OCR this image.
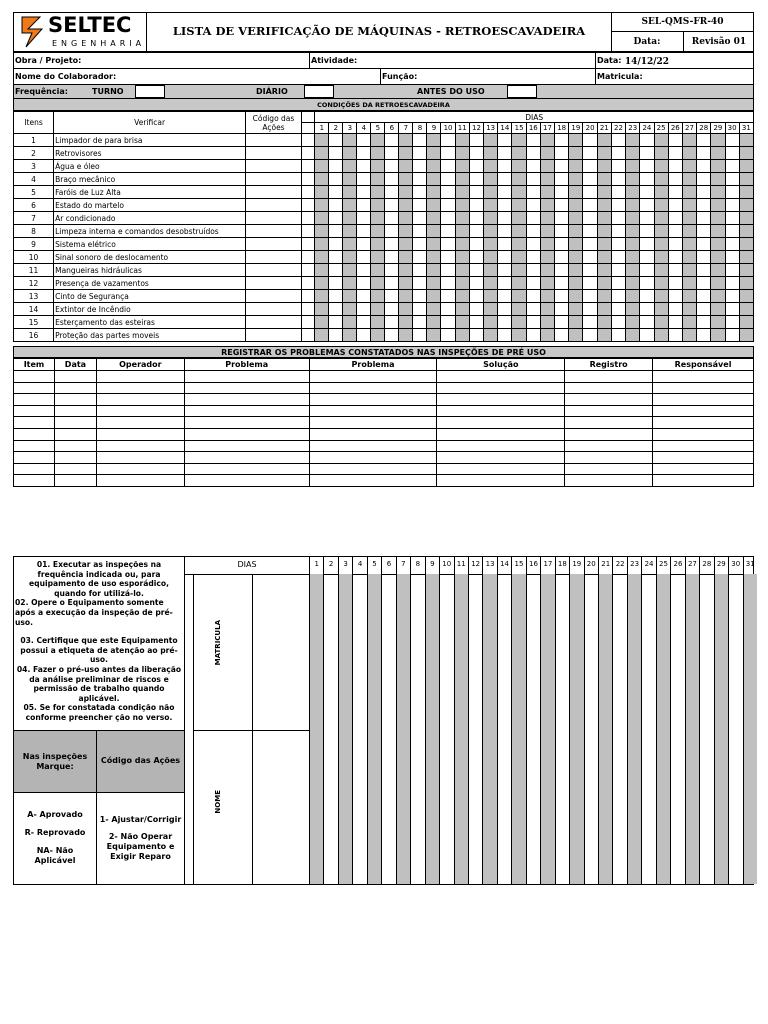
SELTEC
ENGENHARIA
LISTA DE VERIFICAÇÃO DE MÁQUINAS - RETROESCAVADEIRA
SEL-QMS-FR-40
Data: 14/12/22
Revisão 01
Obra / Projeto:	Atividade:	Data:
Nome do Colaborador:	Função:	Matricula:
Frequência:	TURNO	DIÁRIO	ANTES DO USO
CONDIÇÕES DA RETROESCAVADEIRA
Itens	Verificar	Código das Ações		DIAS																														
				1	2	3	4	5	6	7	8	9	10	11	12	13	14	15	16	17	18	19	20	21	22	23	24	25	26	27	28	29	30	31
1	Limpador de para brisa																																	
2	Retrovisores																																	
3	Água e óleo																																	
4	Braço mecânico																																	
5	Faróis de Luz Alta																																	
6	Estado do martelo																																	
7	Ar condicionado																																	
8	Limpeza interna e comandos desobstruídos																																	
9	Sistema elétrico																																	
10	Sinal sonoro de deslocamento																																	
11	Mangueiras hidráulicas																																	
12	Presença de vazamentos																																	
13	Cinto de Segurança																																	
14	Extintor de Incêndio																																	
15	Esterçamento das esteiras																																	
16	Proteção das partes moveis																																	
REGISTRAR OS PROBLEMAS CONSTATADOS NAS INSPEÇÕES DE PRÉ USO
Item	Data	Operador	Problema	Problema	Solução	Registro	Responsável

01. Executar as inspeções na frequência indicada ou, para equipamento de uso esporádico, quando for utilizá-lo.
02. Opere o Equipamento somente após a execução da inspeção de pré-uso.
03. Certifique que este Equipamento possui a etiqueta de atenção ao pré-uso.
04. Fazer o pré-uso antes da liberação da análise preliminar de riscos e permissão de trabalho quando aplicável.
05. Se for constatada condição não conforme preencher ção no verso.
DIAS
MATRICULA
NOME
Nas inspeções Marque:
Código das Ações
A- Aprovado
R- Reprovado
NA- Não Aplicável
1- Ajustar/Corrigir
2- Não Operar Equipamento e Exigir Reparo
1	2	3	4	5	6	7	8	9	10 11 12 13 14 15 16 17 18 19 20 21 22 23 24 25 26 27 28 29 30 31
